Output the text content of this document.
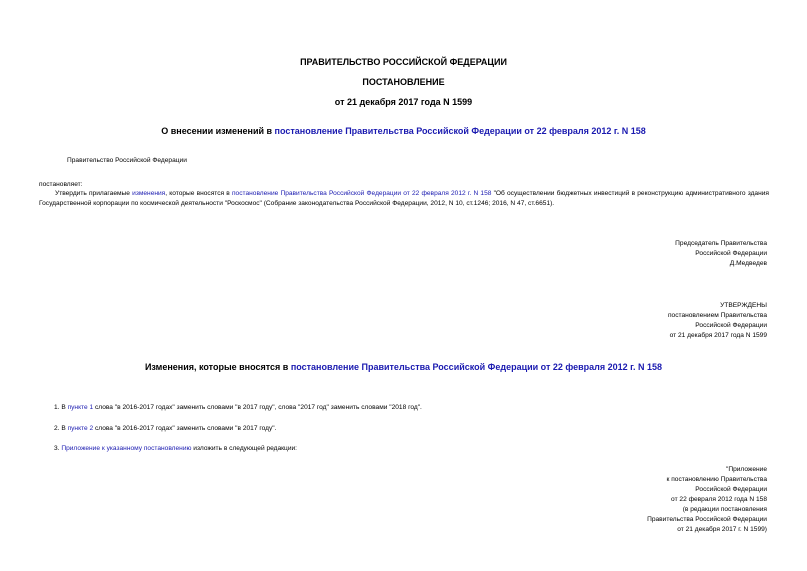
ПРАВИТЕЛЬСТВО РОССИЙСКОЙ ФЕДЕРАЦИИ
ПОСТАНОВЛЕНИЕ
от 21 декабря 2017 года N 1599
О внесении изменений в постановление Правительства Российской Федерации от 22 февраля 2012 г. N 158
Правительство Российской Федерации
постановляет:
Утвердить прилагаемые изменения, которые вносятся в постановление Правительства Российской Федерации от 22 февраля 2012 г. N 158 "Об осуществлении бюджетных инвестиций в реконструкцию административного здания Государственной корпорации по космической деятельности "Роскосмос" (Собрание законодательства Российской Федерации, 2012, N 10, ст.1246; 2016, N 47, ст.6651).
Председатель Правительства
Российской Федерации
Д.Медведев
УТВЕРЖДЕНЫ
постановлением Правительства
Российской Федерации
от 21 декабря 2017 года N 1599
Изменения, которые вносятся в постановление Правительства Российской Федерации от 22 февраля 2012 г. N 158
1. В пункте 1 слова "в 2016-2017 годах" заменить словами "в 2017 году", слова "2017 год" заменить словами "2018 год".
2. В пункте 2 слова "в 2016-2017 годах" заменить словами "в 2017 году".
3. Приложение к указанному постановлению изложить в следующей редакции:
"Приложение
к постановлению Правительства
Российской Федерации
от 22 февраля 2012 года N 158
(в редакции постановления
Правительства Российской Федерации
от 21 декабря 2017 г. N 1599)
